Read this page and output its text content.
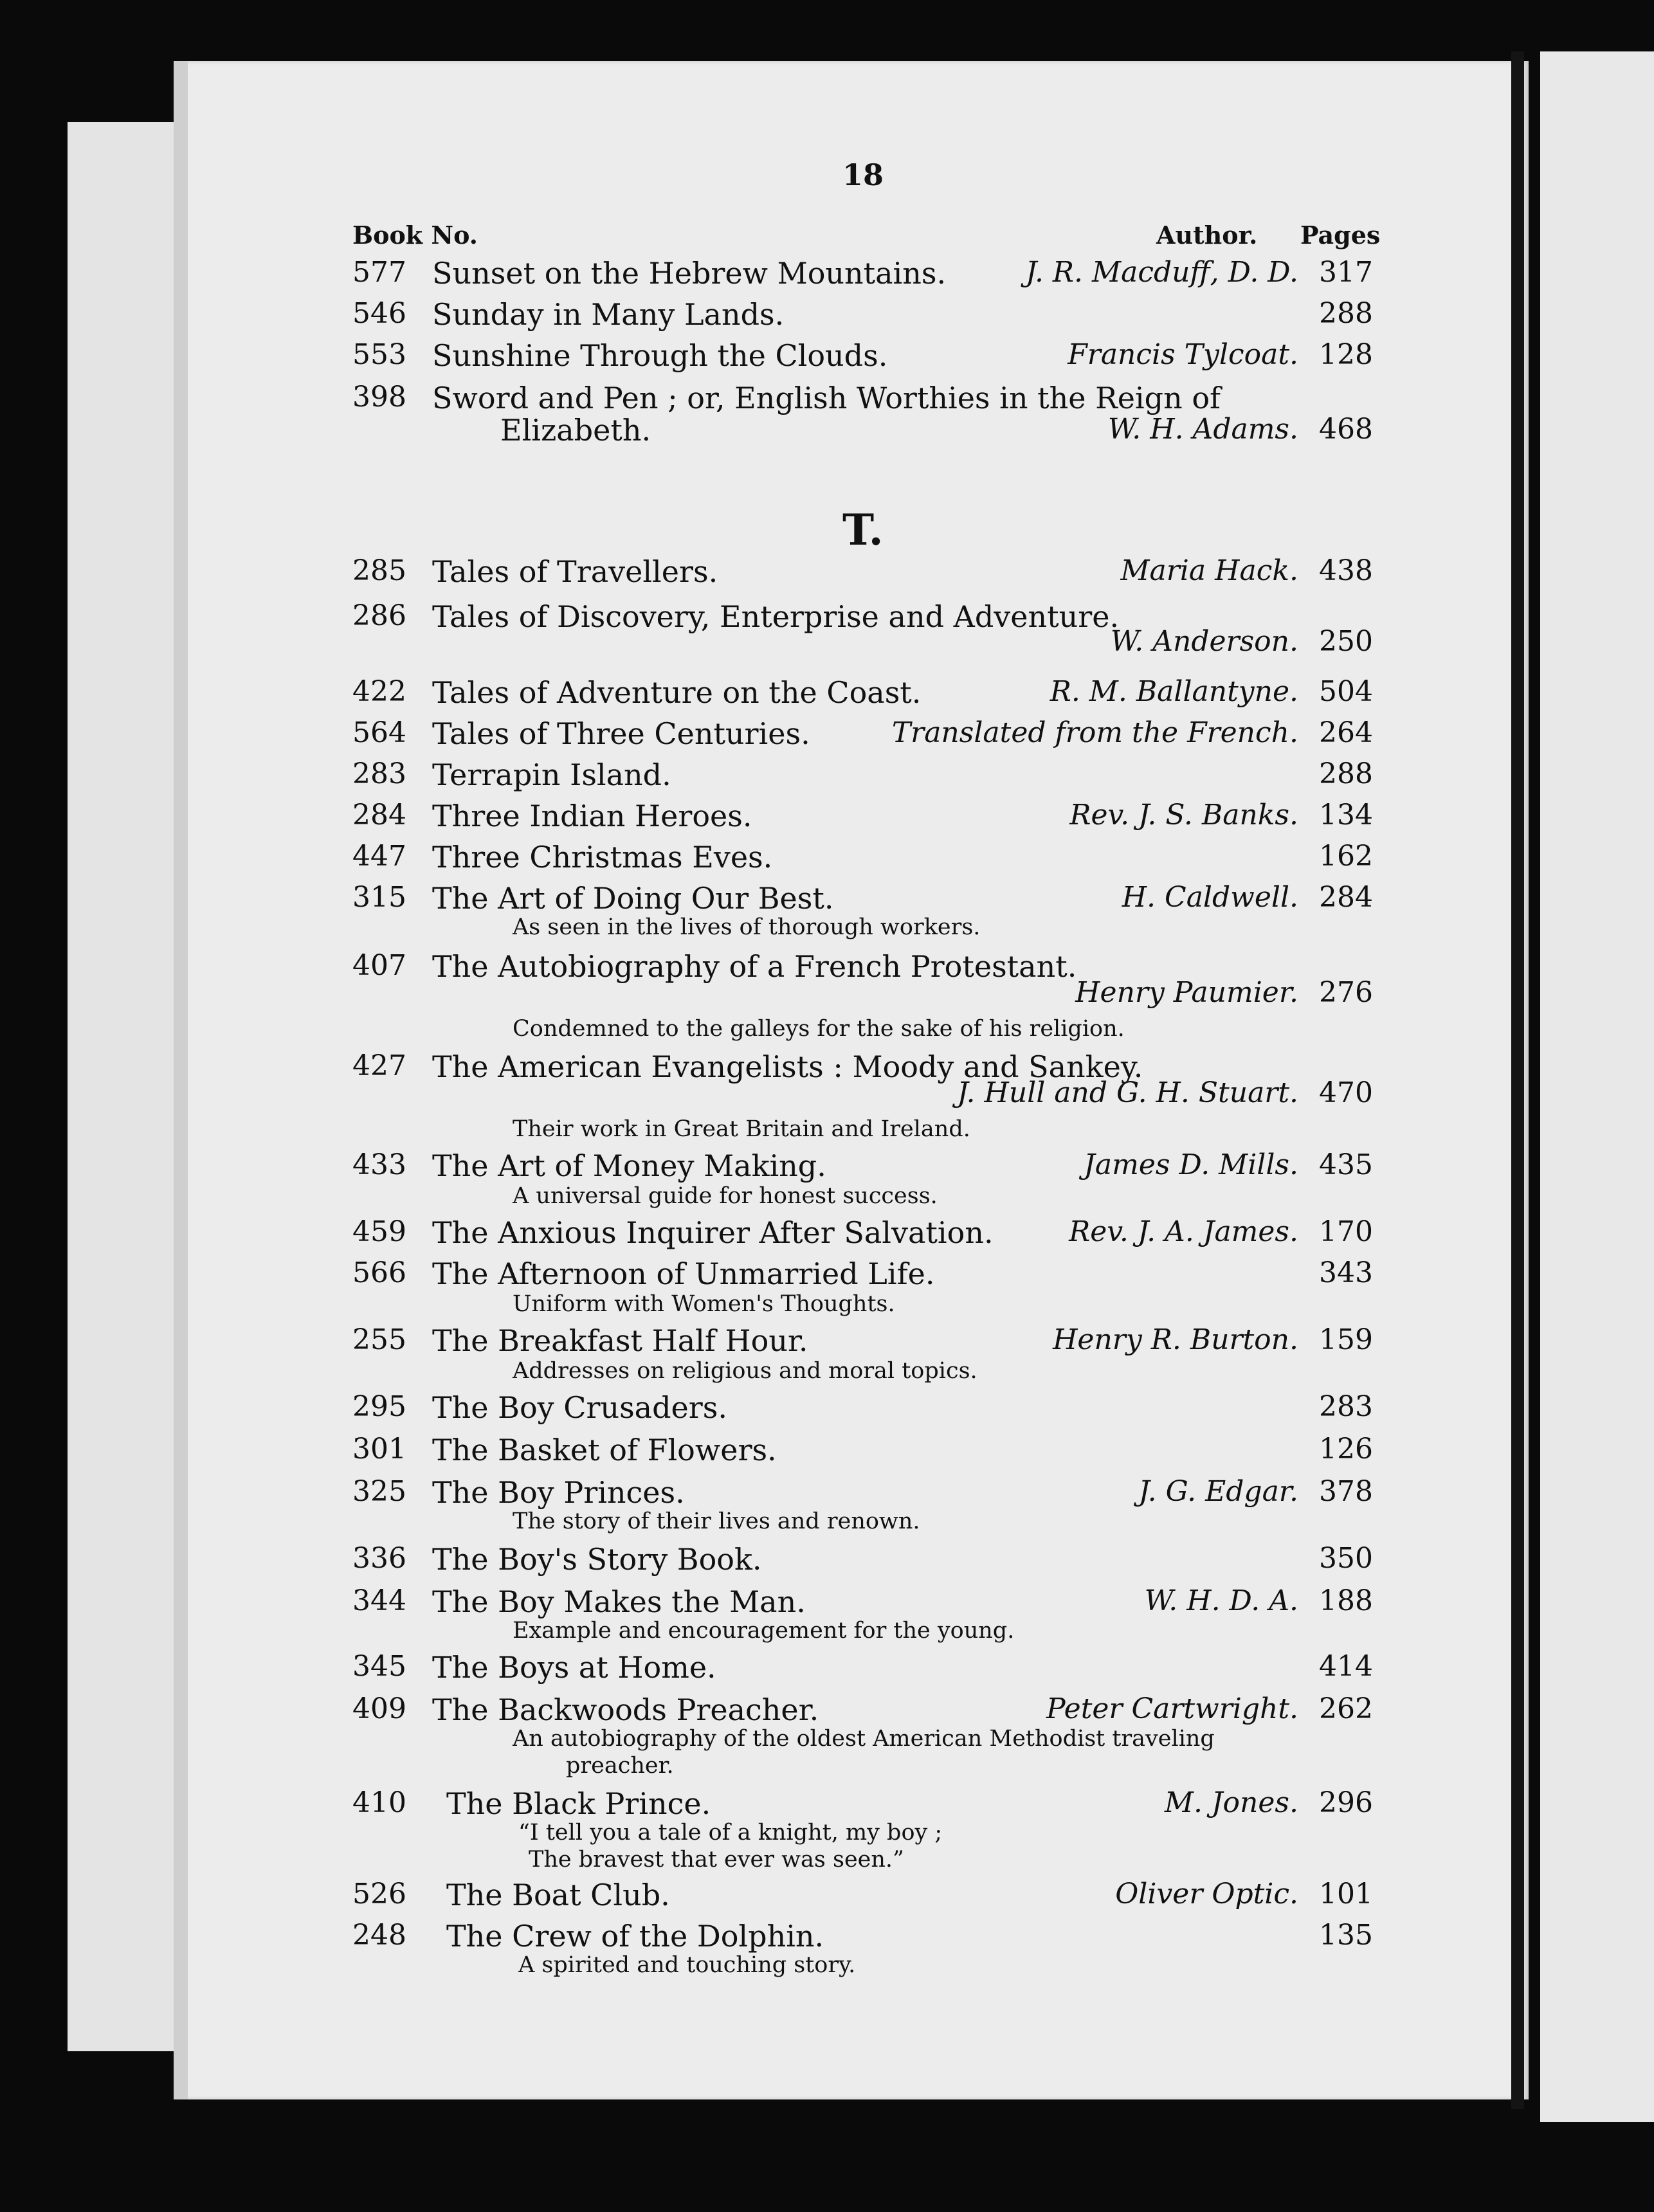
18
Book No.	Author. Pages
577 Sunset on the Hebrew Mountains.	J. R. Macduff, D. D. 317
546 Sunday in Many Lands.	288
553 Sunshine Through the Clouds.	Francis Tylcoat. 128
398 Sword and Pen ; or, English Worthies in the Reign of
Elizabeth.	W. H. Adams. 468
T.
285 Tales of Travellers.	Maria Hack. 438
286 Tales of Discovery, Enterprise and Adventure.
W. Anderson. 250
422 Tales of Adventure on the Coast.	R. M. Ballantyne. 504
564 Tales of Three Centuries.	Translated from the French. 264
283 Terrapin Island.	288
284 Three Indian Heroes.	Rev. J. S. Banks. 134
447 Three Christmas Eves.	162
315 The Art of Doing Our Best.	H. Caldwell. 284
As seen in the lives of thorough workers.
407 The Autobiography of a French Protestant.
Henry Paumier. 276
Condemned to the galleys for the sake of his religion.
427 The American Evangelists : Moody and Sankey.
J. Hull and G. H. Stuart. 470
Their work in Great Britain and Ireland.
433 The Art of Money Making.	James D. Mills. 435
A universal guide for honest success.
459 The Anxious Inquirer After Salvation.	Rev. J. A. James. 170
566 The Afternoon of Unmarried Life.	343
Uniform with Women's Thoughts.
255 The Breakfast Half Hour.	Henry R. Burton. 159
Addresses on religious and moral topics.
295 The Boy Crusaders.	283
301 The Basket of Flowers.	126
325 The Boy Princes.	J. G. Edgar. 378
The story of their lives and renown.
336 The Boy's Story Book.	350
344 The Boy Makes the Man.	W. H. D. A. 188
Example and encouragement for the young.
345 The Boys at Home.	414
409 The Backwoods Preacher.	Peter Cartwright. 262
An autobiography of the oldest American Methodist traveling
preacher.
410 The Black Prince.	M. Jones. 296
“I tell you a tale of a knight, my boy ;
The bravest that ever was seen.”
526 The Boat Club.	Oliver Optic. 101
248 The Crew of the Dolphin.	135
A spirited and touching story.
